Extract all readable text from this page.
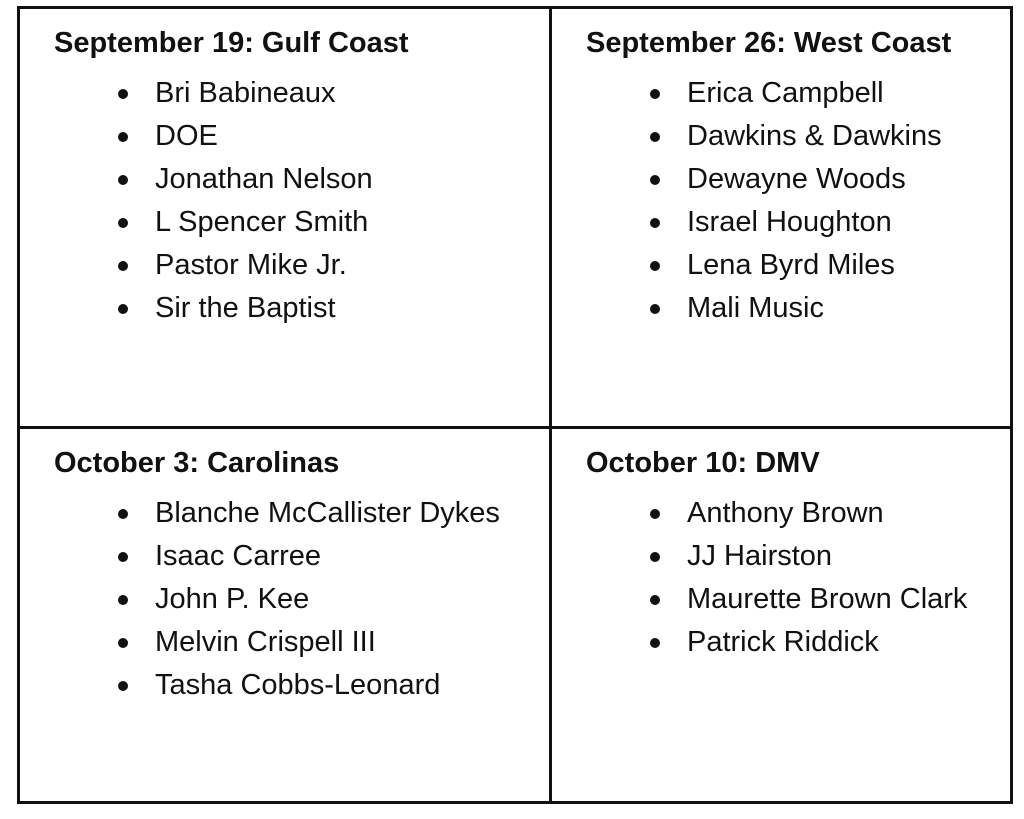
September 19: Gulf Coast
Bri Babineaux
DOE
Jonathan Nelson
L Spencer Smith
Pastor Mike Jr.
Sir the Baptist
September 26: West Coast
Erica Campbell
Dawkins & Dawkins
Dewayne Woods
Israel Houghton
Lena Byrd Miles
Mali Music
October 3: Carolinas
Blanche McCallister Dykes
Isaac Carree
John P. Kee
Melvin Crispell III
Tasha Cobbs-Leonard
October 10: DMV
Anthony Brown
JJ Hairston
Maurette Brown Clark
Patrick Riddick
